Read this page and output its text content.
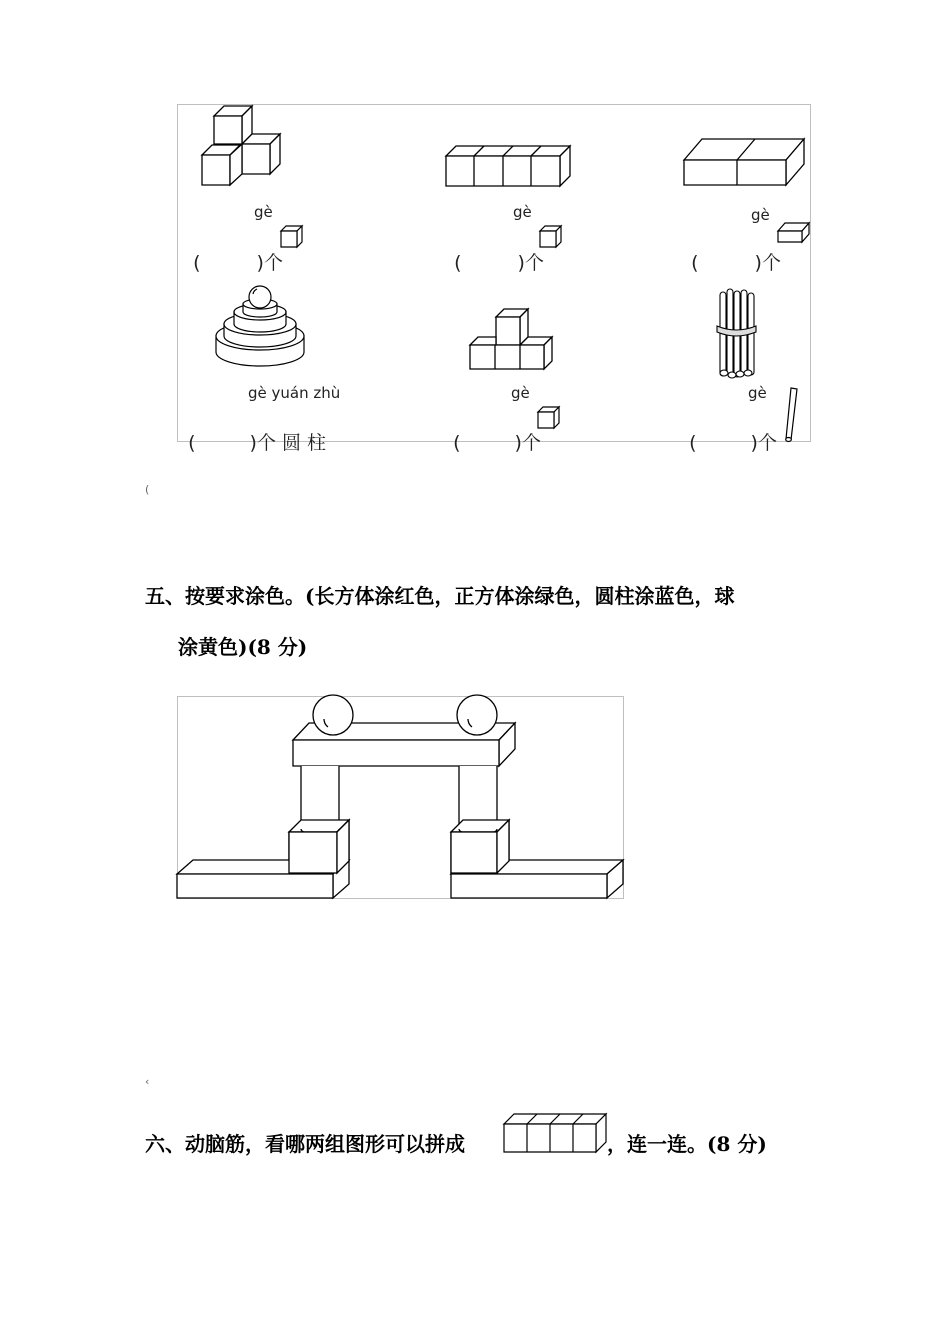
gè

(	)个

gè

(	)个

gè

(	)个

gè yuán zhù

(	)个 圆 柱

gè

(	)个

gè

(	)个

(
五、按要求涂色。(长方体涂红色，正方体涂绿色，圆柱涂蓝色，球
涂黄色)(8 分)
‹
六、动脑筋，看哪两组图形可以拼成	，连一连。(8 分)
